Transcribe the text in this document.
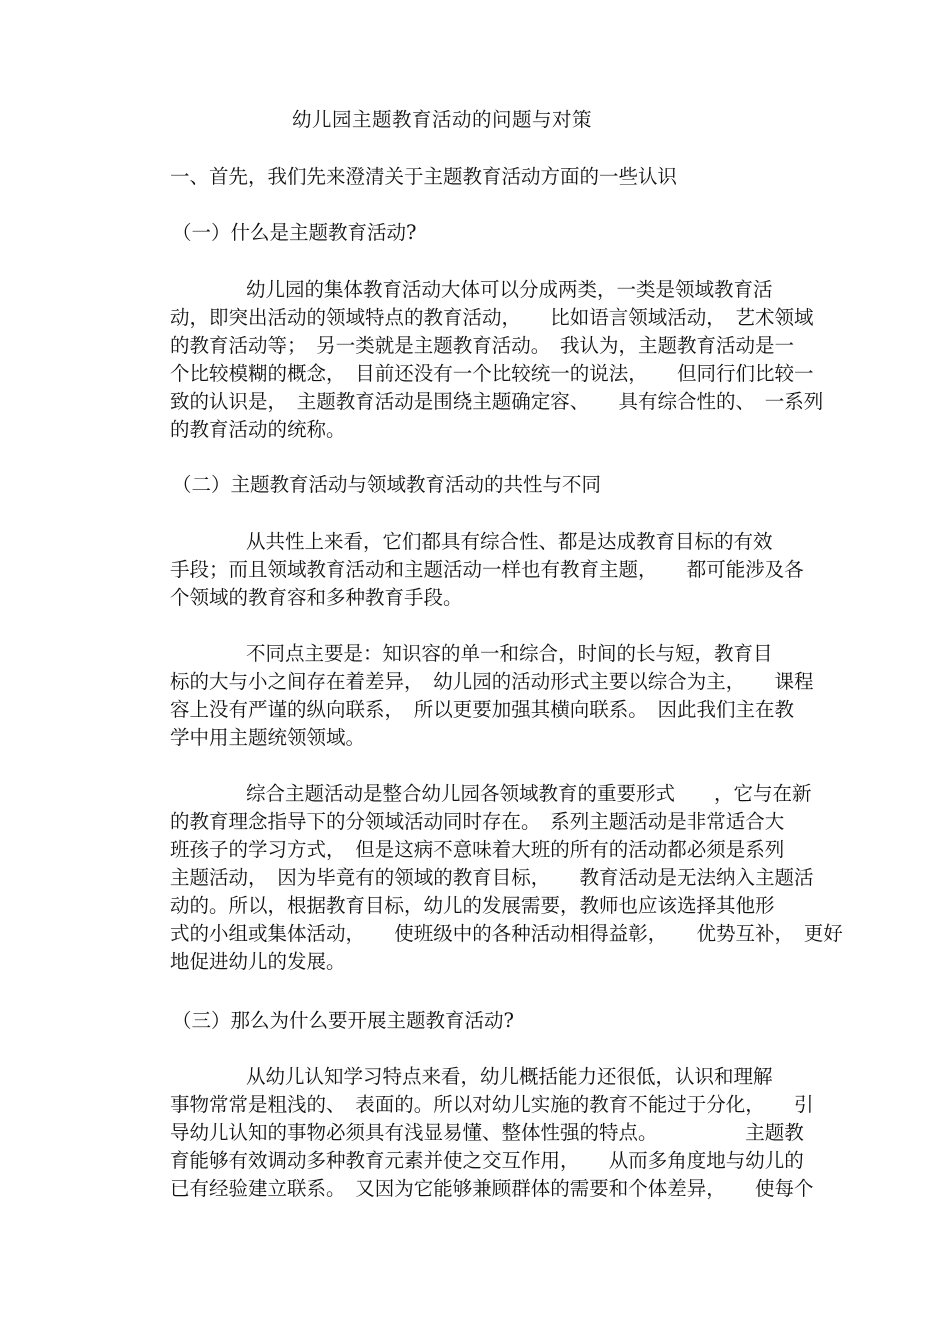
幼儿园主题教育活动的问题与对策
一、首先，我们先来澄清关于主题教育活动方面的一些认识
（一）什么是主题教育活动?
幼儿园的集体教育活动大体可以分成两类，一类是领域教育活
动，即突出活动的领域特点的教育活动，　　比如语言领域活动，　艺术领域
的教育活动等；　另一类就是主题教育活动。　我认为，主题教育活动是一
个比较模糊的概念，　目前还没有一个比较统一的说法，　　但同行们比较一
致的认识是，　主题教育活动是围绕主题确定容、　　具有综合性的、　一系列
的教育活动的统称。
（二）主题教育活动与领域教育活动的共性与不同
从共性上来看，它们都具有综合性、都是达成教育目标的有效
手段；而且领域教育活动和主题活动一样也有教育主题，　　都可能涉及各
个领域的教育容和多种教育手段。
不同点主要是：知识容的单一和综合，时间的长与短，教育目
标的大与小之间存在着差异，　幼儿园的活动形式主要以综合为主，　　课程
容上没有严谨的纵向联系，　所以更要加强其横向联系。　因此我们主在教
学中用主题统领领域。
综合主题活动是整合幼儿园各领域教育的重要形式　　，它与在新
的教育理念指导下的分领域活动同时存在。　系列主题活动是非常适合大
班孩子的学习方式，　但是这病不意味着大班的所有的活动都必须是系列
主题活动，　因为毕竟有的领域的教育目标，　　教育活动是无法纳入主题活
动的。所以，根据教育目标，幼儿的发展需要，教师也应该选择其他形
式的小组或集体活动，　　使班级中的各种活动相得益彰，　　优势互补，　更好
地促进幼儿的发展。
（三）那么为什么要开展主题教育活动?
从幼儿认知学习特点来看，幼儿概括能力还很低，认识和理解
事物常常是粗浅的、　表面的。所以对幼儿实施的教育不能过于分化，　　引
导幼儿认知的事物必须具有浅显易懂、整体性强的特点。　　　　　主题教
育能够有效调动多种教育元素并使之交互作用，　　从而多角度地与幼儿的
已有经验建立联系。　又因为它能够兼顾群体的需要和个体差异，　　使每个
